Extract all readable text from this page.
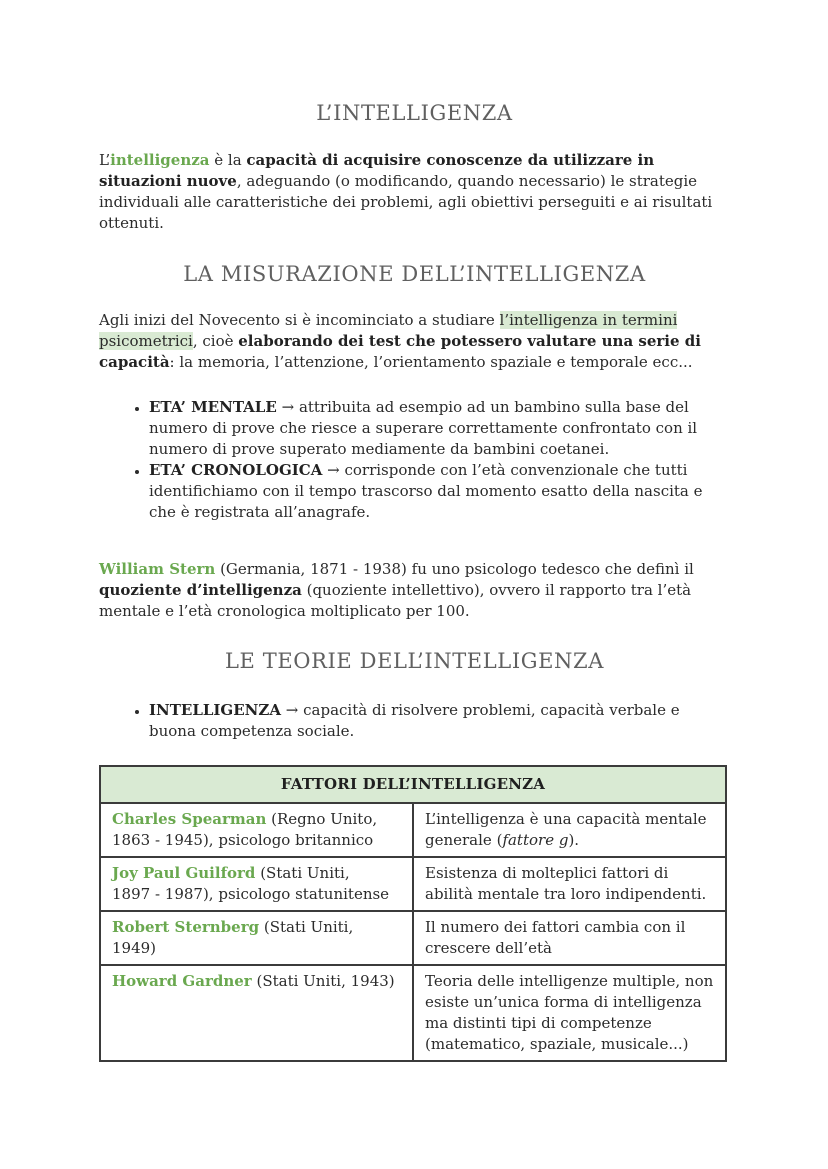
L’INTELLIGENZA

L’intelligenza è la capacità di acquisire conoscenze da utilizzare in situazioni nuove, adeguando (o modificando, quando necessario) le strategie individuali alle caratteristiche dei problemi, agli obiettivi perseguiti e ai risultati ottenuti.

LA MISURAZIONE DELL’INTELLIGENZA

Agli inizi del Novecento si è incominciato a studiare l’intelligenza in termini psicometrici, cioè elaborando dei test che potessero valutare una serie di capacità: la memoria, l’attenzione, l’orientamento spaziale e temporale ecc...

• ETA’ MENTALE → attribuita ad esempio ad un bambino sulla base del numero di prove che riesce a superare correttamente confrontato con il numero di prove superato mediamente da bambini coetanei.
• ETA’ CRONOLOGICA → corrisponde con l’età convenzionale che tutti identifichiamo con il tempo trascorso dal momento esatto della nascita e che è registrata all’anagrafe.

William Stern (Germania, 1871 - 1938) fu uno psicologo tedesco che definì il quoziente d’intelligenza (quoziente intellettivo), ovvero il rapporto tra l’età mentale e l’età cronologica moltiplicato per 100.

LE TEORIE DELL’INTELLIGENZA
• INTELLIGENZA → capacità di risolvere problemi, capacità verbale e buona competenza sociale.
FATTORI DELL’INTELLIGENZA	
Charles Spearman (Regno Unito,
1863 - 1945), psicologo britannico	L’intelligenza è una capacità mentale generale (fattore g).
Joy Paul Guilford (Stati Uniti,
1897 - 1987), psicologo statunitense	Esistenza di molteplici fattori di abilità mentale tra loro indipendenti.
Robert Sternberg (Stati Uniti, 1949)	Il numero dei fattori cambia con il crescere dell’età
Howard Gardner (Stati Uniti, 1943)	Teoria delle intelligenze multiple, non esiste un’unica forma di intelligenza ma distinti tipi di competenze (matematico, spaziale, musicale...)
